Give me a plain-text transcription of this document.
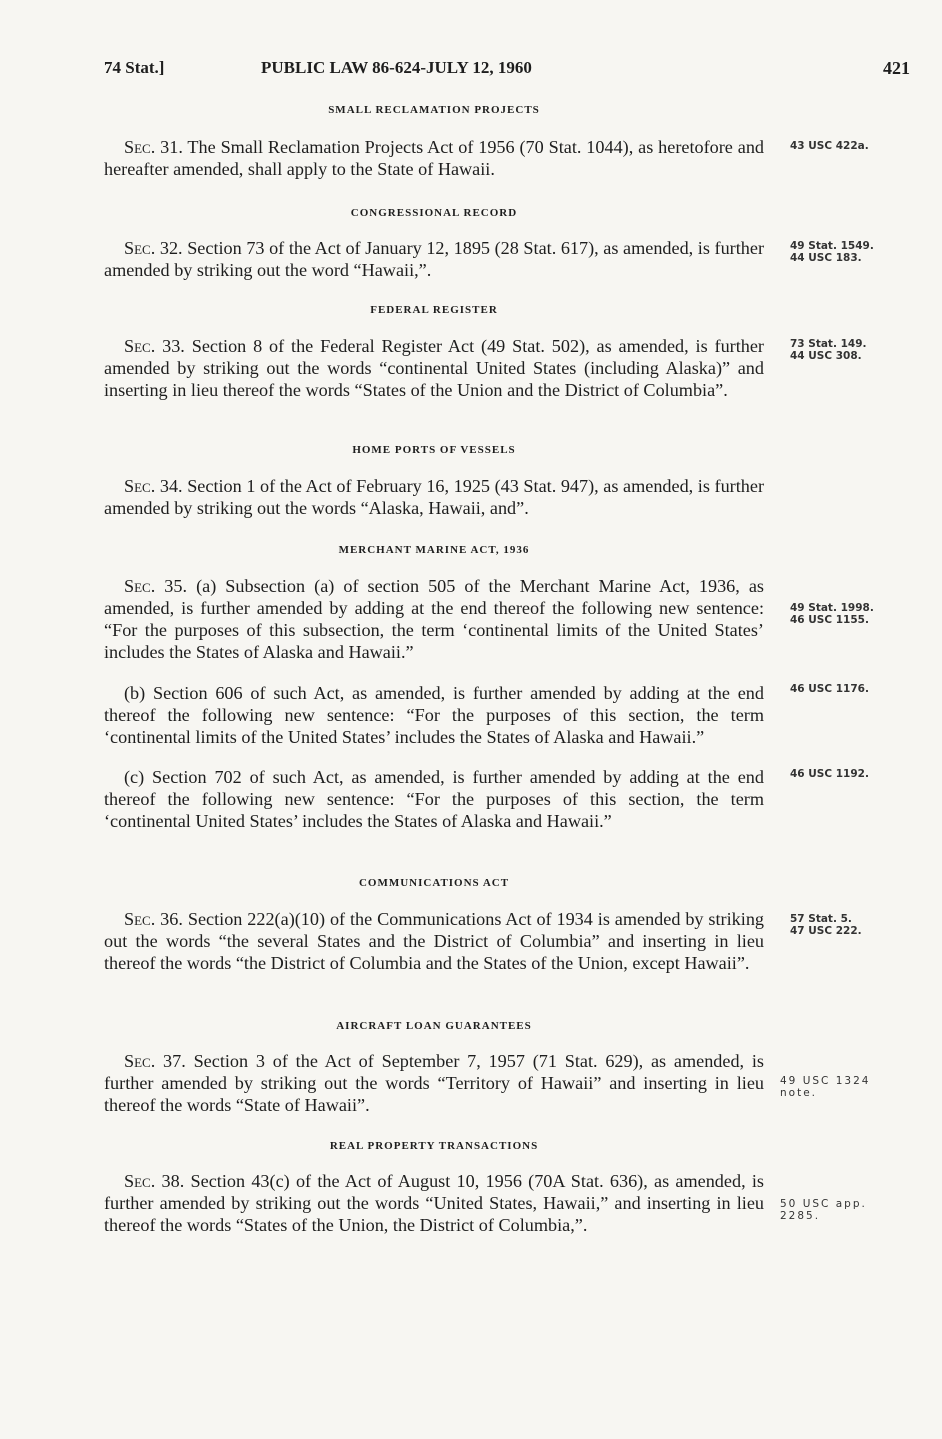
74 Stat.]	PUBLIC LAW 86-624-JULY 12, 1960	421
SMALL RECLAMATION PROJECTS
Sec. 31. The Small Reclamation Projects Act of 1956 (70 Stat. 1044), as heretofore and hereafter amended, shall apply to the State of Hawaii.
43 USC 422a.
CONGRESSIONAL RECORD
Sec. 32. Section 73 of the Act of January 12, 1895 (28 Stat. 617), as amended, is further amended by striking out the word “Hawaii,”.
49 Stat. 1549.
44 USC 183.
FEDERAL REGISTER
Sec. 33. Section 8 of the Federal Register Act (49 Stat. 502), as amended, is further amended by striking out the words “continental United States (including Alaska)” and inserting in lieu thereof the words “States of the Union and the District of Columbia”.
73 Stat. 149.
44 USC 308.
HOME PORTS OF VESSELS
Sec. 34. Section 1 of the Act of February 16, 1925 (43 Stat. 947), as amended, is further amended by striking out the words “Alaska, Hawaii, and”.
MERCHANT MARINE ACT, 1936
Sec. 35. (a) Subsection (a) of section 505 of the Merchant Marine Act, 1936, as amended, is further amended by adding at the end thereof the following new sentence: “For the purposes of this subsection, the term ‘continental limits of the United States’ includes the States of Alaska and Hawaii.”
49 Stat. 1998.
46 USC 1155.
(b) Section 606 of such Act, as amended, is further amended by adding at the end thereof the following new sentence: “For the purposes of this section, the term ‘continental limits of the United States’ includes the States of Alaska and Hawaii.”
46 USC 1176.
(c) Section 702 of such Act, as amended, is further amended by adding at the end thereof the following new sentence: “For the purposes of this section, the term ‘continental United States’ includes the States of Alaska and Hawaii.”
46 USC 1192.
COMMUNICATIONS ACT
Sec. 36. Section 222(a)(10) of the Communications Act of 1934 is amended by striking out the words “the several States and the District of Columbia” and inserting in lieu thereof the words “the District of Columbia and the States of the Union, except Hawaii”.
57 Stat. 5.
47 USC 222.
AIRCRAFT LOAN GUARANTEES
Sec. 37. Section 3 of the Act of September 7, 1957 (71 Stat. 629), as amended, is further amended by striking out the words “Territory of Hawaii” and inserting in lieu thereof the words “State of Hawaii”.
49 USC 1324
note.
REAL PROPERTY TRANSACTIONS
Sec. 38. Section 43(c) of the Act of August 10, 1956 (70A Stat. 636), as amended, is further amended by striking out the words “United States, Hawaii,” and inserting in lieu thereof the words “States of the Union, the District of Columbia,”.
50 USC app.
2285.
